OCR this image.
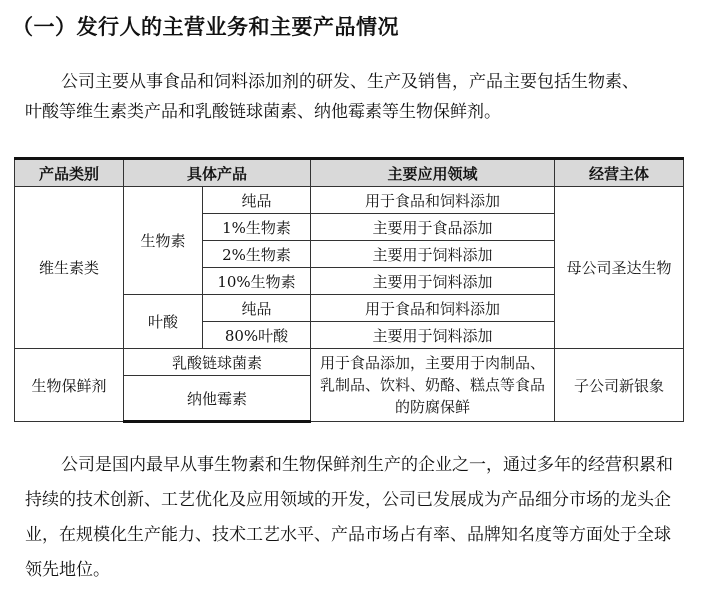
（一）发行人的主营业务和主要产品情况
公司主要从事食品和饲料添加剂的研发、生产及销售，产品主要包括生物素、
叶酸等维生素类产品和乳酸链球菌素、纳他霉素等生物保鲜剂。
产品类别	具体产品		主要应用领域	经营主体
维生素类	生物素	纯品	用于食品和饲料添加	母公司圣达生物
		1%生物素	主要用于食品添加	
		2%生物素	主要用于饲料添加	
		10%生物素	主要用于饲料添加	
	叶酸	纯品	用于食品和饲料添加	
		80%叶酸	主要用于饲料添加	
生物保鲜剂	乳酸链球菌素		用于食品添加，主要用于肉制品、乳制品、饮料、奶酪、糕点等食品的防腐保鲜	子公司新银象
	纳他霉素			

公司是国内最早从事生物素和生物保鲜剂生产的企业之一，通过多年的经营积累和持续的技术创新、工艺优化及应用领域的开发，公司已发展成为产品细分市场的龙头企业，在规模化生产能力、技术工艺水平、产品市场占有率、品牌知名度等方面处于全球领先地位。
